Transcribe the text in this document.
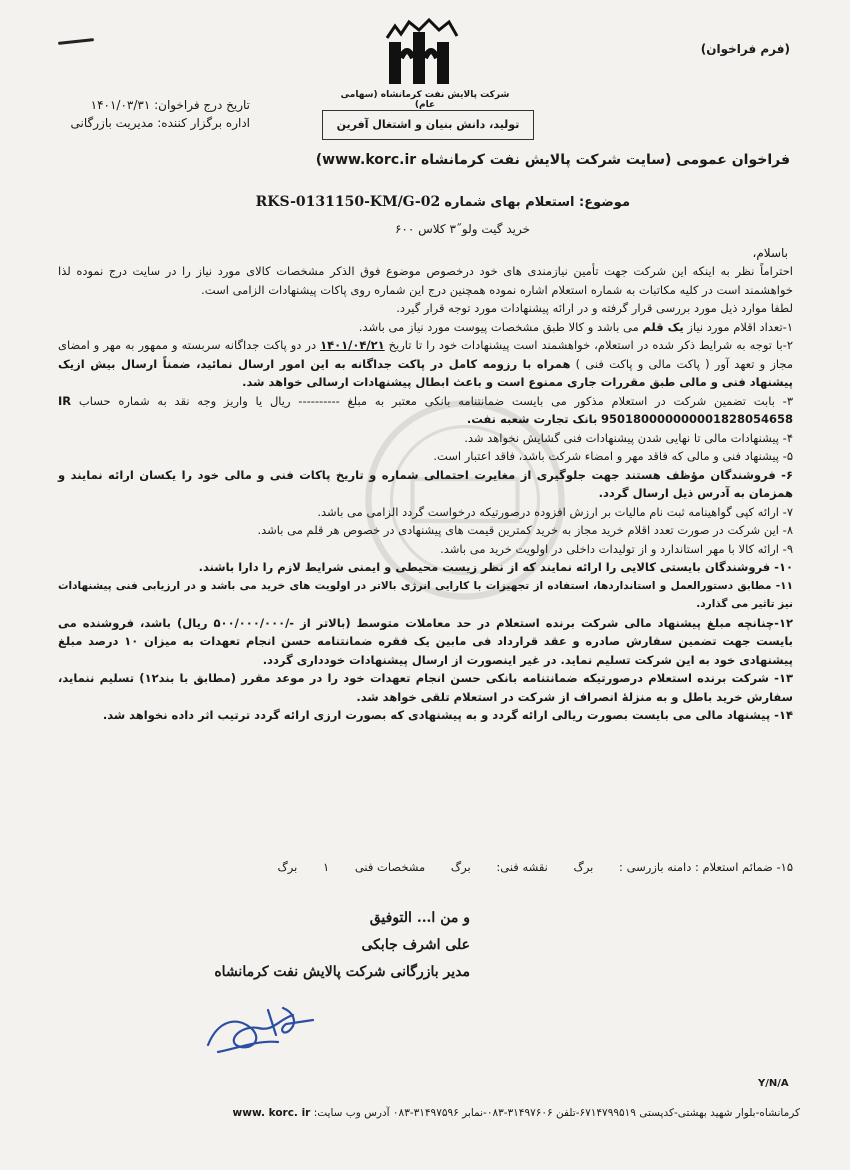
(فرم فراخوان)
شرکت پالایش نفت کرمانشاه (سهامی عام)
تولید، دانش بنیان و اشتغال آفرین
تاریخ درج فراخوان: ۱۴۰۱/۰۳/۳۱
اداره برگزار کننده: مدیریت بازرگانی
فراخوان عمومی (سایت شرکت پالایش نفت کرمانشاه www.korc.ir)
موضوع: استعلام بهای شماره RKS-0131150-KM/G-02
خرید گیت ولو˝۳ کلاس ۶۰۰
باسلام،

احتراماً نظر به اینکه این شرکت جهت تأمین نیازمندی های خود درخصوص موضوع فوق الذکر مشخصات کالای مورد نیاز را در سایت درج نموده لذا خواهشمند است در کلیه مکاتبات به شماره استعلام اشاره نموده همچنین درج این شماره روی پاکات پیشنهادات الزامی است.

لطفا موارد ذیل مورد بررسی قرار گرفته و در ارائه پیشنهادات مورد توجه قرار گیرد.

۱-تعداد اقلام مورد نیاز یک قلم می باشد و کالا طبق مشخصات پیوست مورد نیاز می باشد.

۲-با توجه به شرایط ذکر شده در استعلام، خواهشمند است پیشنهادات خود را تا تاریخ ۱۴۰۱/۰۴/۲۱ در دو پاکت جداگانه سربسته و ممهور به مهر و امضای مجاز و تعهد آور ( پاکت مالی و پاکت فنی ) همراه با رزومه کامل در پاکت جداگانه به این امور ارسال نمائید، ضمناً ارسال بیش ازیک پیشنهاد فنی و مالی طبق مقررات جاری ممنوع است و باعث ابطال پیشنهادات ارسالی خواهد شد.

۳- بابت تضمین شرکت در استعلام مذکور می بایست ضمانتنامه بانکی معتبر به مبلغ ---------- ریال یا واریز وجه نقد به شماره حساب IR 950180000000001828054658 بانک تجارت شعبه نفت.

۴- پیشنهادات مالی تا نهایی شدن پیشنهادات فنی گشایش نخواهد شد.

۵- پیشنهاد فنی و مالی که فاقد مهر و امضاء شرکت باشد، فاقد اعتبار است.

۶- فروشندگان مؤظف هستند جهت جلوگیری از مغایرت احتمالی شماره و تاریخ پاکات فنی و مالی خود را یکسان ارائه نمایند و همزمان به آدرس ذیل ارسال گردد.

۷- ارائه کپی گواهینامه ثبت نام مالیات بر ارزش افزوده درصورتیکه درخواست گردد الزامی می باشد.

۸- این شرکت در صورت تعدد اقلام خرید مجاز به خرید کمترین قیمت های پیشنهادی در خصوص هر قلم می باشد.

۹- ارائه کالا با مهر استاندارد و از تولیدات داخلی در اولویت خرید می باشد.

۱۰- فروشندگان بایستی کالایی را ارائه نمایند که از نظر زیست محیطی و ایمنی شرایط لازم را دارا باشند.

۱۱- مطابق دستورالعمل و استانداردها، استفاده از تجهیزات با کارایی انرژی بالاتر در اولویت های خرید می باشد و در ارزیابی فنی پیشنهادات نیز تاثیر می گذارد.

۱۲-چنانچه مبلغ پیشنهاد مالی شرکت برنده استعلام در حد معاملات متوسط (بالاتر از -/۵۰۰/۰۰۰/۰۰۰ ریال) باشد، فروشنده می بایست جهت تضمین سفارش صادره و عقد قرارداد فی مابین یک فقره ضمانتنامه حسن انجام تعهدات به میزان ۱۰ درصد مبلغ پیشنهادی خود به این شرکت تسلیم نماید. در غیر اینصورت از ارسال پیشنهادات خودداری گردد.

۱۳- شرکت برنده استعلام درصورتیکه ضمانتنامه بانکی حسن انجام تعهدات خود را در موعد مقرر (مطابق با بند۱۲) تسلیم ننماید، سفارش خرید باطل و به منزلهٔ انصراف از شرکت در استعلام تلقی خواهد شد.

۱۴- پیشنهاد مالی می بایست بصورت ریالی ارائه گردد و به پیشنهادی که بصورت ارزی ارائه گردد ترتیب اثر داده نخواهد شد.

۱۵- ضمائم استعلام : دامنه بازرسی : برگ نقشه فنی: برگ مشخصات فنی ۱ برگ
و من ا... التوفیق
علی اشرف جابکی
مدیر بازرگانی شرکت پالایش نفت کرمانشاه
Y/N/A
کرمانشاه-بلوار شهید بهشتی-کدپستی ۶۷۱۴۷۹۹۵۱۹-تلفن ۳۱۴۹۷۶۰۶-۰۸۳-نمابر ۳۱۴۹۷۵۹۶-۰۸۳ آدرس وب سایت: www. korc. ir
